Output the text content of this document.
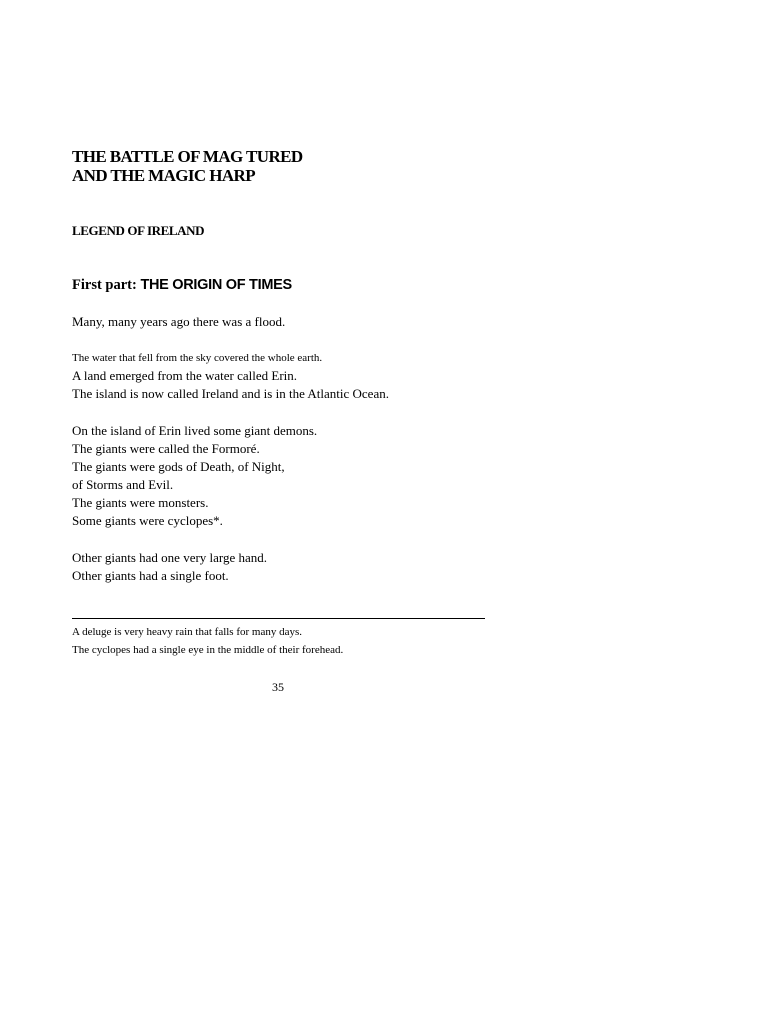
THE BATTLE OF MAG TURED
AND THE MAGIC HARP
LEGEND OF IRELAND
First part: THE ORIGIN OF TIMES
Many, many years ago there was a flood.
The water that fell from the sky covered the whole earth.
A land emerged from the water called Erin.
The island is now called Ireland and is in the Atlantic Ocean.
On the island of Erin lived some giant demons.
The giants were called the Formoré.
The giants were gods of Death, of Night,
of Storms and Evil.
The giants were monsters.
Some giants were cyclopes*.
Other giants had one very large hand.
Other giants had a single foot.
A deluge is very heavy rain that falls for many days.
The cyclopes had a single eye in the middle of their forehead.
35
